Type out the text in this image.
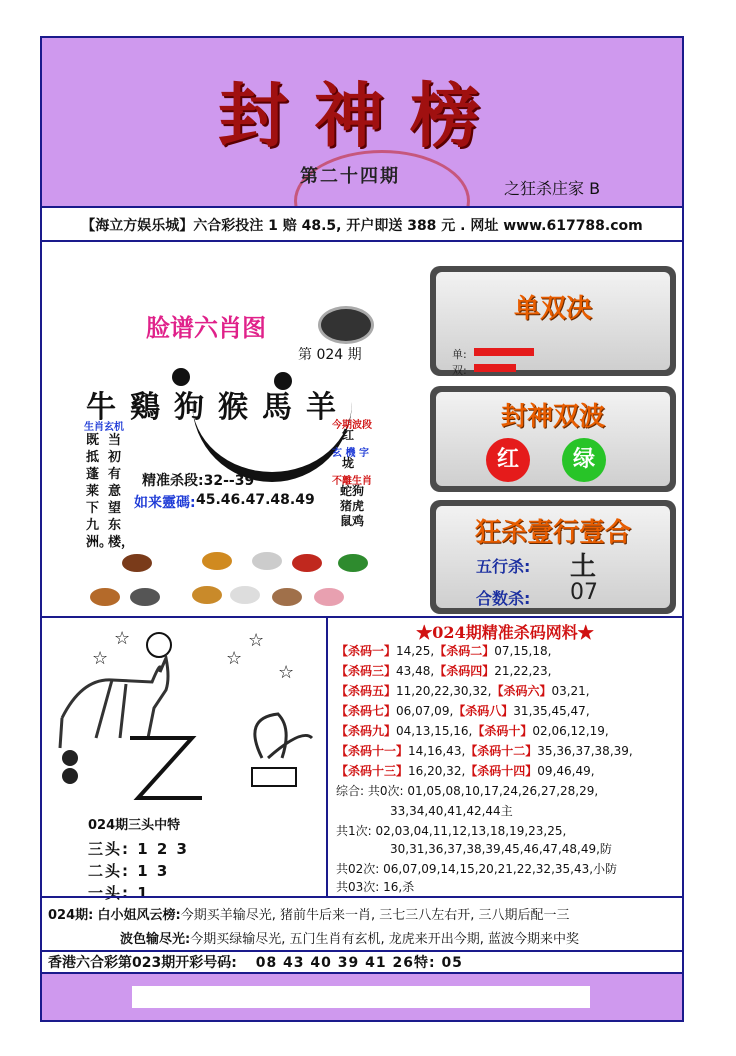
封神榜
第二十四期
之狂杀庄家 B
【海立方娱乐城】六合彩投注 1 赔 48.5, 开户即送 388 元 . 网址 www.617788.com
脸谱六肖图
第 024 期
牛鷄狗猴馬羊
生肖玄机
既抵蓬莱下九洲。
当初有意望东楼，
今期波段
红
玄 機 字
垅
不離生肖
蛇狗
猪虎
鼠鸡
精准杀段:32--39
如来靈碼: 45.46.47.48.49
单双决
单:
双:
封神双波
红	绿
狂杀壹行壹合
五行杀: 土
合数杀: 07
☆	☆
☆	☆
☆
024期三头中特
三头: 1 2 3
二头: 1 3
一头: 1
★024期精准杀码网料★
【杀码一】14,25,【杀码二】07,15,18,
【杀码三】43,48,【杀码四】21,22,23,
【杀码五】11,20,22,30,32,【杀码六】03,21,
【杀码七】06,07,09,【杀码八】31,35,45,47,
【杀码九】04,13,15,16,【杀码十】02,06,12,19,
【杀码十一】14,16,43,【杀码十二】35,36,37,38,39,
【杀码十三】16,20,32,【杀码十四】09,46,49,
综合: 共0次: 01,05,08,10,17,24,26,27,28,29,
33,34,40,41,42,44主
共1次: 02,03,04,11,12,13,18,19,23,25,
30,31,36,37,38,39,45,46,47,48,49,防
共02次: 06,07,09,14,15,20,21,22,32,35,43,小防
共03次: 16,杀
024期: 白小姐风云榜:今期买羊输尽光, 猪前牛后来一肖, 三七三八左右开, 三八期后配一三
波色输尽光:今期买绿输尽光, 五门生肖有玄机, 龙虎来开出今期, 蓝波今期来中奖
香港六合彩第023期开彩号码: 08 43 40 39 41 26特: 05
